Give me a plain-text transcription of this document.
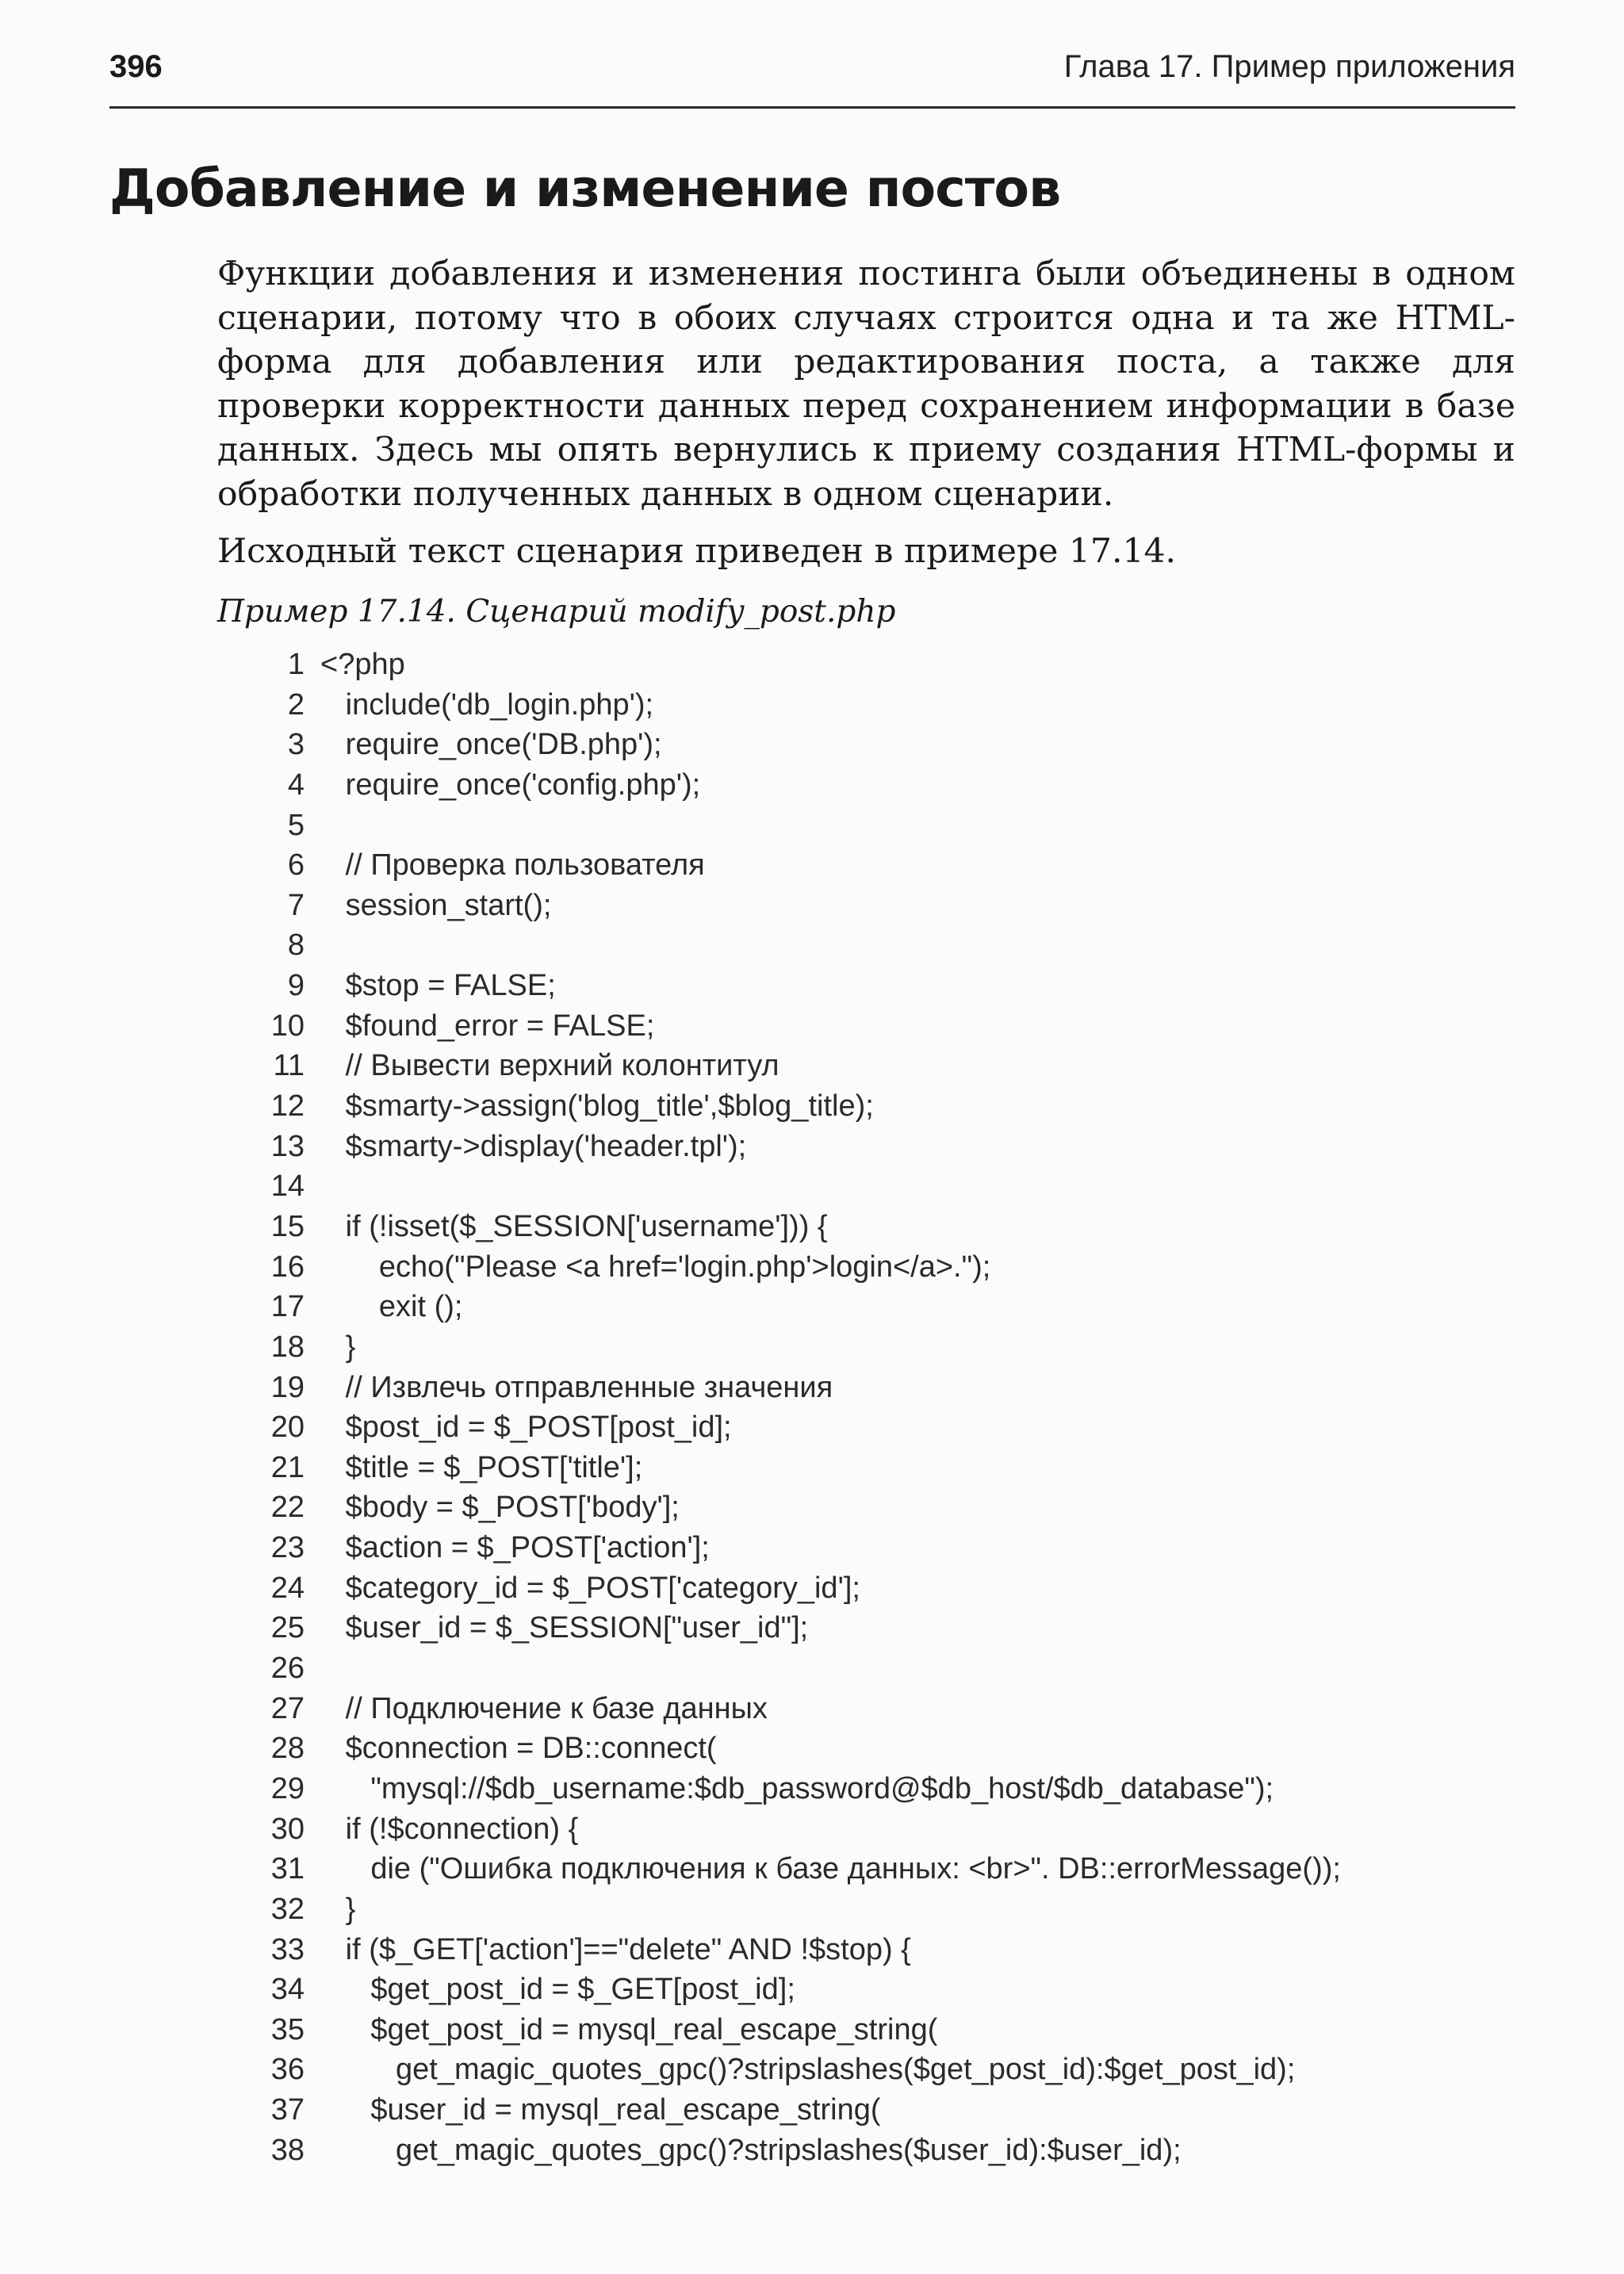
396	Глава 17. Пример приложения
Добавление и изменение постов

Функции добавления и изменения постинга были объединены в одном сценарии, потому что в обоих случаях строится одна и та же HTML-форма для добавления или редактирования поста, а также для проверки корректности данных перед сохранением информации в базе данных. Здесь мы опять вернулись к приему создания HTML-формы и обработки полученных данных в одном сценарии.

Исходный текст сценария приведен в примере 17.14.

Пример 17.14. Сценарий modify_post.php

1 <?php
2 include('db_login.php');
3 require_once('DB.php');
4 require_once('config.php');
5
6 // Проверка пользователя
7 session_start();
8
9 $stop = FALSE;
10 $found_error = FALSE;
11 // Вывести верхний колонтитул
12 $smarty->assign('blog_title',$blog_title);
13 $smarty->display('header.tpl');
14
15 if (!isset($_SESSION['username'])) {
16 echo("Please <a href='login.php'>login</a>.");
17 exit ();
18 }
19 // Извлечь отправленные значения
20 $post_id = $_POST[post_id];
21 $title = $_POST['title'];
22 $body = $_POST['body'];
23 $action = $_POST['action'];
24 $category_id = $_POST['category_id'];
25 $user_id = $_SESSION["user_id"];
26
27 // Подключение к базе данных
28 $connection = DB::connect(
29 "mysql://$db_username:$db_password@$db_host/$db_database");
30 if (!$connection) {
31 die ("Ошибка подключения к базе данных: <br>". DB::errorMessage());
32 }
33 if ($_GET['action']=="delete" AND !$stop) {
34 $get_post_id = $_GET[post_id];
35 $get_post_id = mysql_real_escape_string(
36 get_magic_quotes_gpc()?stripslashes($get_post_id):$get_post_id);
37 $user_id = mysql_real_escape_string(
38 get_magic_quotes_gpc()?stripslashes($user_id):$user_id);
